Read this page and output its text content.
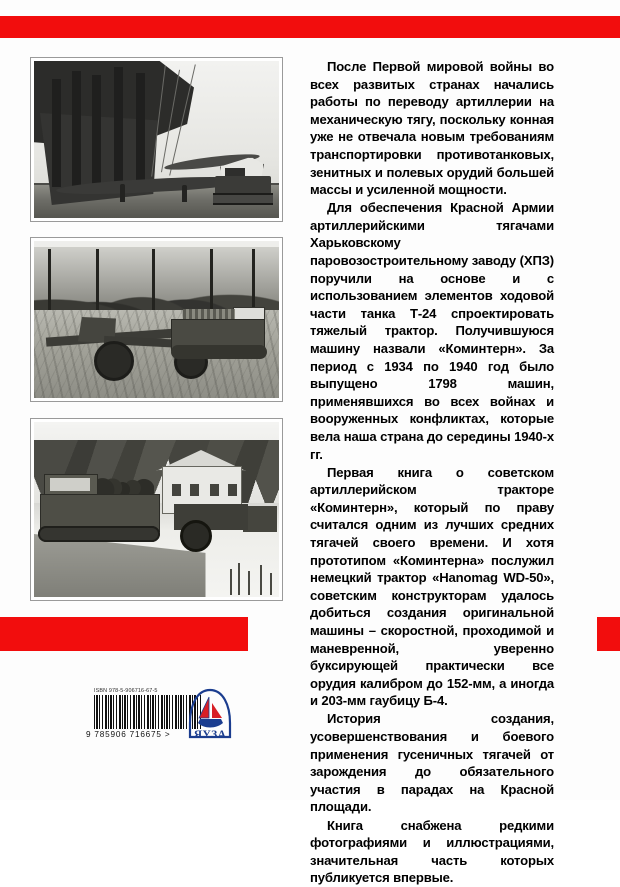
После Первой мировой войны во всех развитых странах начались работы по переводу артиллерии на механическую тягу, поскольку конная уже не отвечала новым требованиям транспортировки противотанковых, зенитных и полевых орудий большей массы и усиленной мощности.

Для обеспечения Красной Армии артиллерийскими тягачами Харьковскому паровозостроительному заводу (ХПЗ) поручили на основе и с использованием элементов ходовой части танка Т-24 спроектировать тяжелый трактор. Получившуюся машину назвали «Коминтерн». За период с 1934 по 1940 год было выпущено 1798 машин, применявшихся во всех войнах и вооруженных конфликтах, которые вела наша страна до середины 1940-х гг.

Первая книга о советском артиллерийском тракторе «Коминтерн», который по праву считался одним из лучших средних тягачей своего времени. И хотя прототипом «Коминтерна» послужил немецкий трактор «Hanomag WD-50», советским конструкторам удалось добиться создания оригинальной машины – скоростной, проходимой и маневренной, уверенно буксирующей практически все орудия калибром до 152-мм, а иногда и 203-мм гаубицу Б-4.

История создания, усовершенствования и боевого применения гусеничных тягачей от зарождения до обязательного участия в парадах на Красной площади.

Книга снабжена редкими фотографиями и иллюстрациями, значительная часть которых публикуется впервые.

ISBN 978-5-906716-67-5
9 785906 716675 >	ЯУЗА
